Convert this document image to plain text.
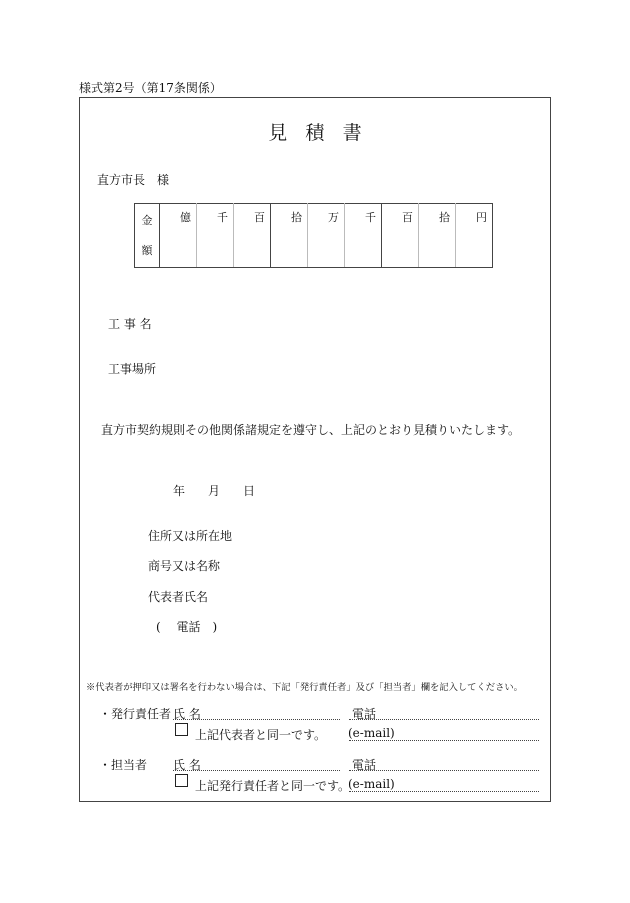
様式第2号（第17条関係）
見 積 書
直方市長　様
金
額
	億	千	百	拾	万	千	百	拾	円
工 事 名
工事場所
直方市契約規則その他関係諸規定を遵守し、上記のとおり見積りいたします。
年 月 日
住所又は所在地
商号又は名称
代表者氏名
(　 電話　)
※代表者が押印又は署名を行わない場合は、下記「発行責任者」及び「担当者」欄を記入してください。
・発行責任者 氏 名	電話
上記代表者と同一です。 (e-mail)
・担当者 氏 名	電話
上記発行責任者と同一です。
(e-mail)
